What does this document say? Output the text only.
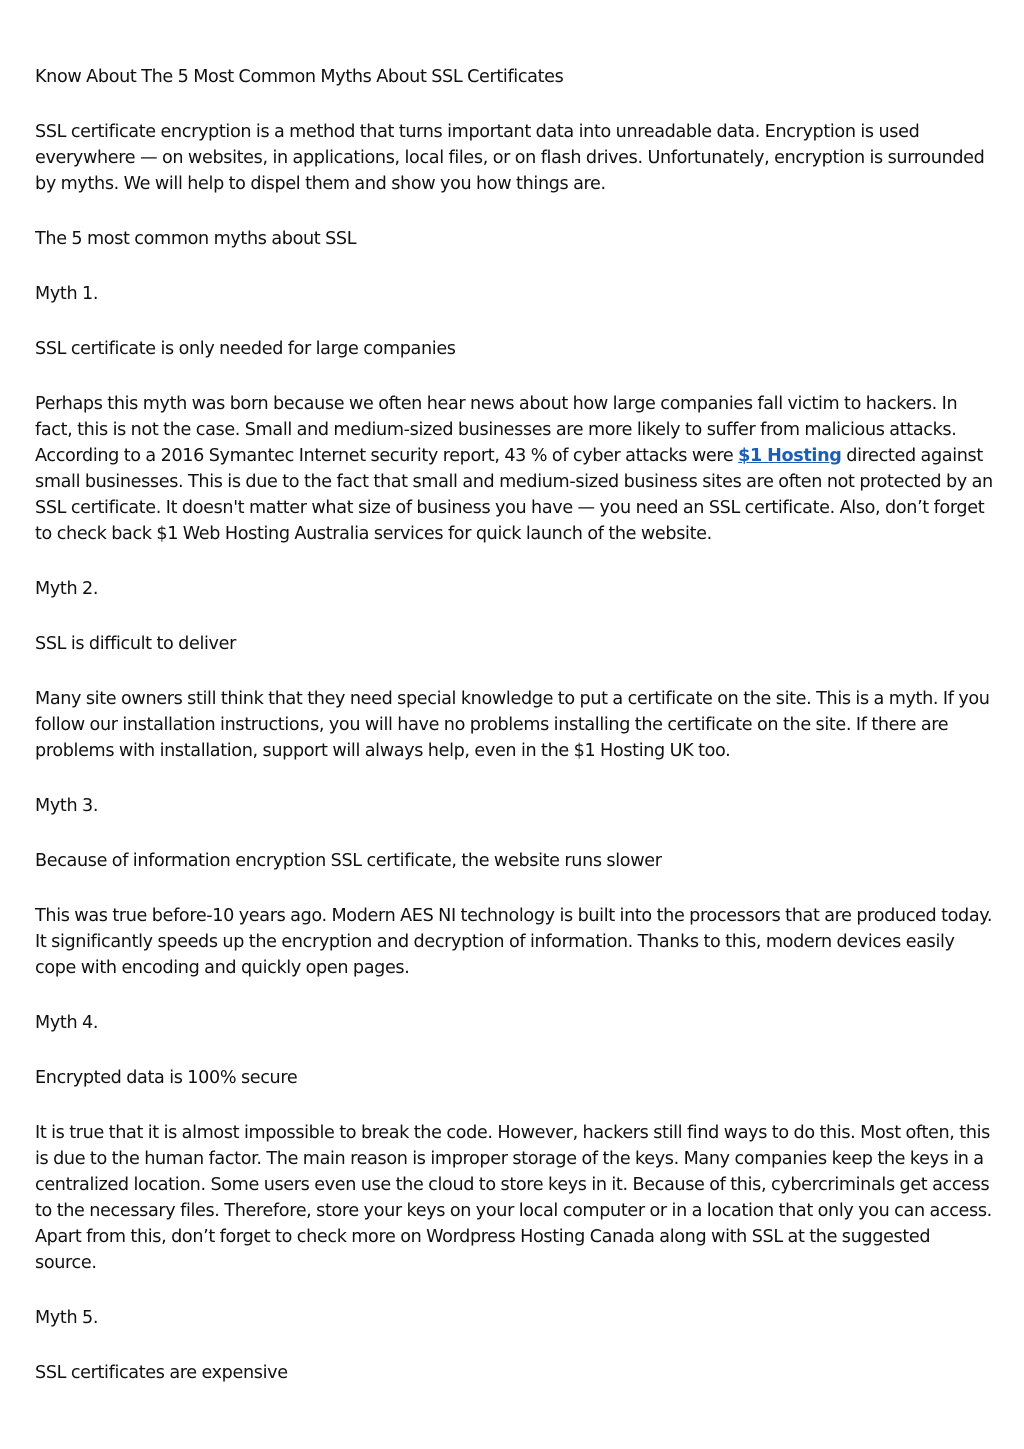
Know About The 5 Most Common Myths About SSL Certificates

SSL certificate encryption is a method that turns important data into unreadable data. Encryption is used everywhere — on websites, in applications, local files, or on flash drives. Unfortunately, encryption is surrounded by myths. We will help to dispel them and show you how things are.

The 5 most common myths about SSL

Myth 1.

SSL certificate is only needed for large companies

Perhaps this myth was born because we often hear news about how large companies fall victim to hackers. In fact, this is not the case. Small and medium-sized businesses are more likely to suffer from malicious attacks. According to a 2016 Symantec Internet security report, 43 % of cyber attacks were $1 Hosting directed against small businesses. This is due to the fact that small and medium-sized business sites are often not protected by an SSL certificate. It doesn't matter what size of business you have — you need an SSL certificate. Also, don’t forget to check back $1 Web Hosting Australia services for quick launch of the website.

Myth 2.

SSL is difficult to deliver

Many site owners still think that they need special knowledge to put a certificate on the site. This is a myth. If you follow our installation instructions, you will have no problems installing the certificate on the site. If there are problems with installation, support will always help, even in the $1 Hosting UK too.

Myth 3.

Because of information encryption SSL certificate, the website runs slower

This was true before-10 years ago. Modern AES NI technology is built into the processors that are produced today. It significantly speeds up the encryption and decryption of information. Thanks to this, modern devices easily cope with encoding and quickly open pages.

Myth 4.

Encrypted data is 100% secure

It is true that it is almost impossible to break the code. However, hackers still find ways to do this. Most often, this is due to the human factor. The main reason is improper storage of the keys. Many companies keep the keys in a centralized location. Some users even use the cloud to store keys in it. Because of this, cybercriminals get access to the necessary files. Therefore, store your keys on your local computer or in a location that only you can access. Apart from this, don’t forget to check more on Wordpress Hosting Canada along with SSL at the suggested source.

Myth 5.

SSL certificates are expensive
